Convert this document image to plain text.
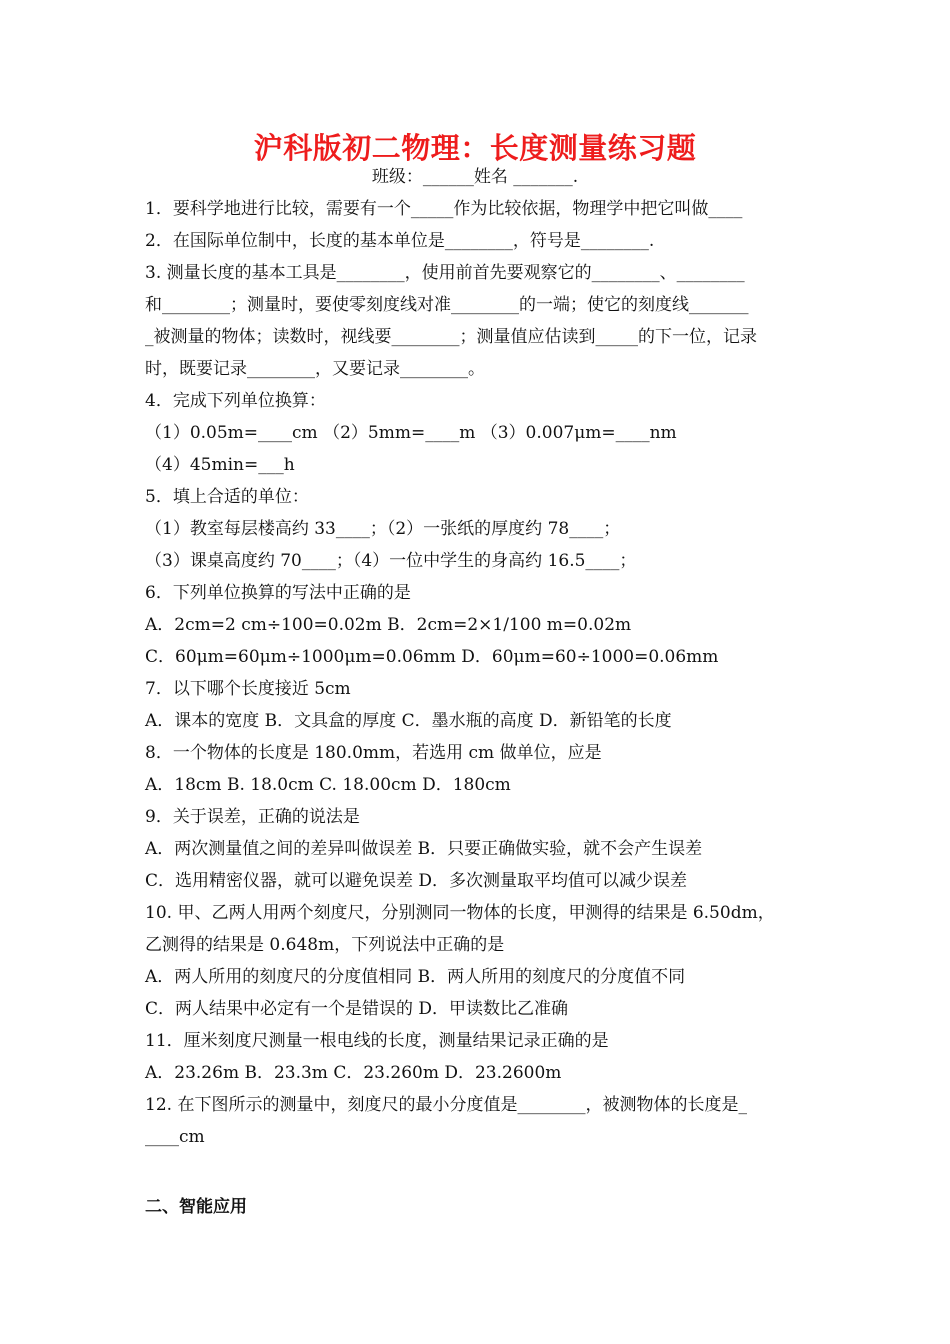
沪科版初二物理：长度测量练习题
班级：______姓名 _______.
1．要科学地进行比较，需要有一个_____作为比较依据，物理学中把它叫做____
2．在国际单位制中，长度的基本单位是________，符号是________.
3. 测量长度的基本工具是________，使用前首先要观察它的________、________
和________；测量时，要使零刻度线对准________的一端；使它的刻度线_______
_被测量的物体；读数时，视线要________；测量值应估读到_____的下一位，记录
时，既要记录________，又要记录________。
4．完成下列单位换算：
（1）0.05m=____cm （2）5mm=____m （3）0.007μm=____nm
（4）45min=___h
5．填上合适的单位：
（1）教室每层楼高约 33____；（2）一张纸的厚度约 78____；
（3）课桌高度约 70____；（4）一位中学生的身高约 16.5____；
6．下列单位换算的写法中正确的是
A．2cm=2 cm÷100=0.02m B．2cm=2×1/100 m=0.02m
C．60μm=60μm÷1000μm=0.06mm D．60μm=60÷1000=0.06mm
7．以下哪个长度接近 5cm
A．课本的宽度 B．文具盒的厚度 C．墨水瓶的高度 D．新铅笔的长度
8．一个物体的长度是 180.0mm，若选用 cm 做单位，应是
A．18cm B. 18.0cm C. 18.00cm D．180cm
9．关于误差，正确的说法是
A．两次测量值之间的差异叫做误差 B．只要正确做实验，就不会产生误差
C．选用精密仪器，就可以避免误差 D．多次测量取平均值可以减少误差
10. 甲、乙两人用两个刻度尺，分别测同一物体的长度，甲测得的结果是 6.50dm，
乙测得的结果是 0.648m，下列说法中正确的是
A．两人所用的刻度尺的分度值相同 B．两人所用的刻度尺的分度值不同
C．两人结果中必定有一个是错误的 D．甲读数比乙准确
11．厘米刻度尺测量一根电线的长度，测量结果记录正确的是
A．23.26m B．23.3m C．23.260m D．23.2600m
12. 在下图所示的测量中，刻度尺的最小分度值是________，被测物体的长度是_
____cm
二、智能应用
